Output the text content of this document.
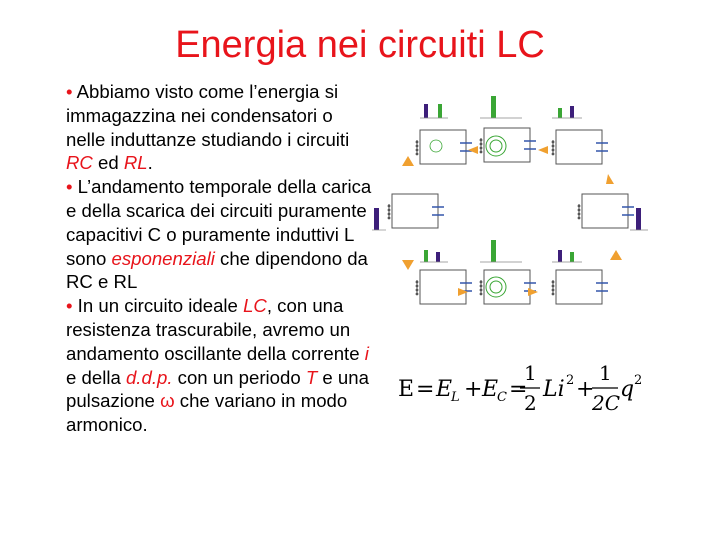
Energia nei circuiti LC

• Abbiamo visto come l’energia si immagazzina nei condensatori o nelle induttanze studiando i circuiti RC ed RL.

• L’andamento temporale della carica e della scarica dei circuiti puramente capacitivi C o puramente induttivi L sono esponenziali che dipendono da RC e RL

• In un circuito ideale LC, con una resistenza trascurabile, avremo un andamento oscillante della corrente i e della d.d.p. con un periodo T e una pulsazione ω che variano in modo armonico.

E = E
L + E
C =
1
2
Li 2 +
1
2C
q 2
